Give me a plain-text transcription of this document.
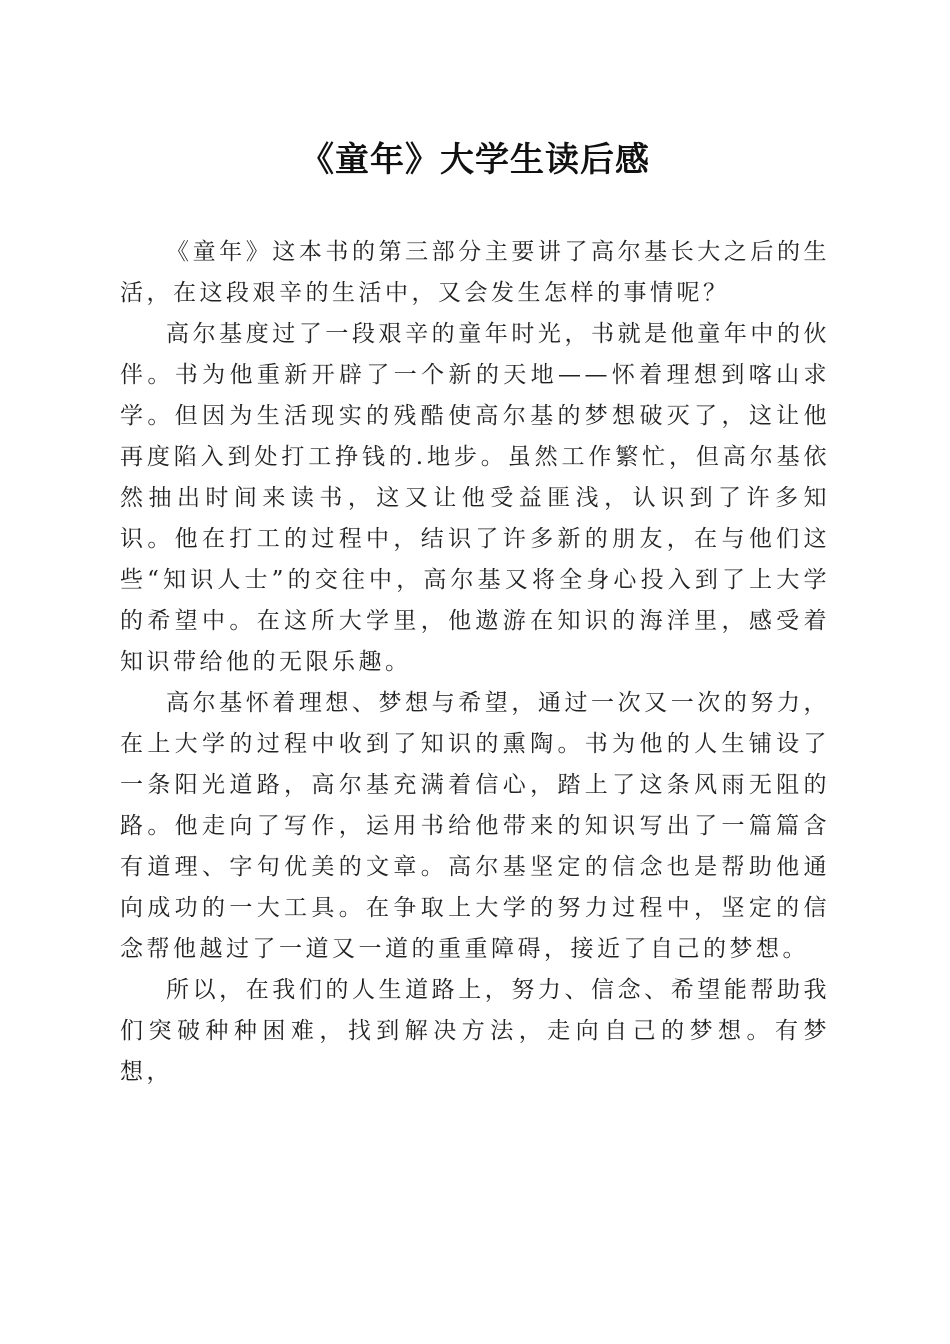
《童年》大学生读后感

《童年》这本书的第三部分主要讲了高尔基长大之后的生活，在这段艰辛的生活中，又会发生怎样的事情呢？

高尔基度过了一段艰辛的童年时光，书就是他童年中的伙伴。书为他重新开辟了一个新的天地——怀着理想到喀山求学。但因为生活现实的残酷使高尔基的梦想破灭了，这让他再度陷入到处打工挣钱的.地步。虽然工作繁忙，但高尔基依然抽出时间来读书，这又让他受益匪浅，认识到了许多知识。他在打工的过程中，结识了许多新的朋友，在与他们这些“知识人士”的交往中，高尔基又将全身心投入到了上大学的希望中。在这所大学里，他遨游在知识的海洋里，感受着知识带给他的无限乐趣。

高尔基怀着理想、梦想与希望，通过一次又一次的努力，在上大学的过程中收到了知识的熏陶。书为他的人生铺设了一条阳光道路，高尔基充满着信心，踏上了这条风雨无阻的路。他走向了写作，运用书给他带来的知识写出了一篇篇含有道理、字句优美的文章。高尔基坚定的信念也是帮助他通向成功的一大工具。在争取上大学的努力过程中，坚定的信念帮他越过了一道又一道的重重障碍，接近了自己的梦想。

所以，在我们的人生道路上，努力、信念、希望能帮助我们突破种种困难，找到解决方法，走向自己的梦想。有梦想，
